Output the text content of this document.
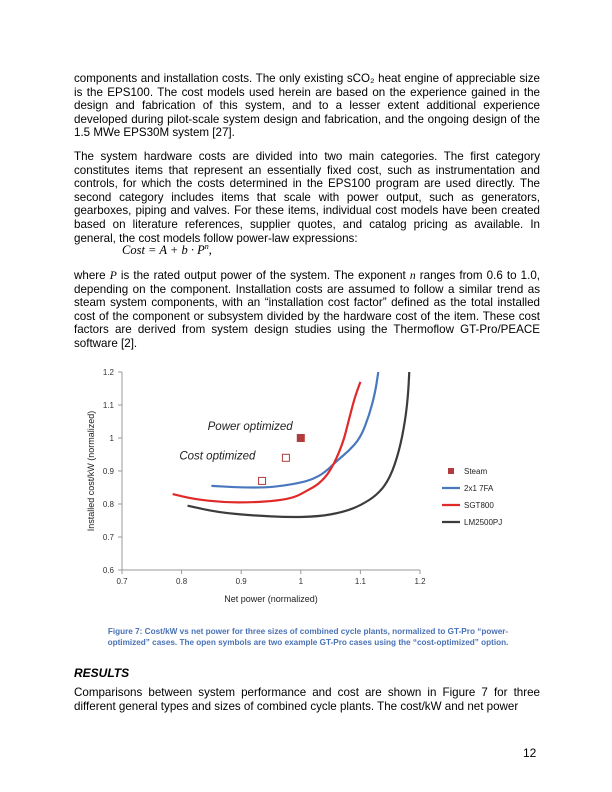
components and installation costs. The only existing sCO₂ heat engine of appreciable size is the EPS100. The cost models used herein are based on the experience gained in the design and fabrication of this system, and to a lesser extent additional experience developed during pilot-scale system design and fabrication, and the ongoing design of the 1.5 MWe EPS30M system [27].

The system hardware costs are divided into two main categories. The first category constitutes items that represent an essentially fixed cost, such as instrumentation and controls, for which the costs determined in the EPS100 program are used directly. The second category includes items that scale with power output, such as generators, gearboxes, piping and valves. For these items, individual cost models have been created based on literature references, supplier quotes, and catalog pricing as available. In general, the cost models follow power-law expressions:

Cost = $A + b \cdot P^n$,

where P is the rated output power of the system. The exponent n ranges from 0.6 to 1.0, depending on the component. Installation costs are assumed to follow a similar trend as steam system components, with an “installation cost factor” defined as the total installed cost of the component or subsystem divided by the hardware cost of the item. These cost factors are derived from system design studies using the Thermoflow GT-Pro/PEACE software [2].

0.7	0.8	0.9	1	1.1	1.2
0.6
0.7
0.8
0.9
1
1.1
1.2
Net power (normalized)
Installed cost/kW (normalized)	Steam
2x1 7FA
SGT800
LM2500PJ
Power optimized
Cost optimized

Figure 7: Cost/kW vs net power for three sizes of combined cycle plants, normalized to GT-Pro “power-optimized” cases. The open symbols are two example GT-Pro cases using the “cost-optimized” option.

RESULTS

Comparisons between system performance and cost are shown in Figure 7 for three different general types and sizes of combined cycle plants. The cost/kW and net power

12
